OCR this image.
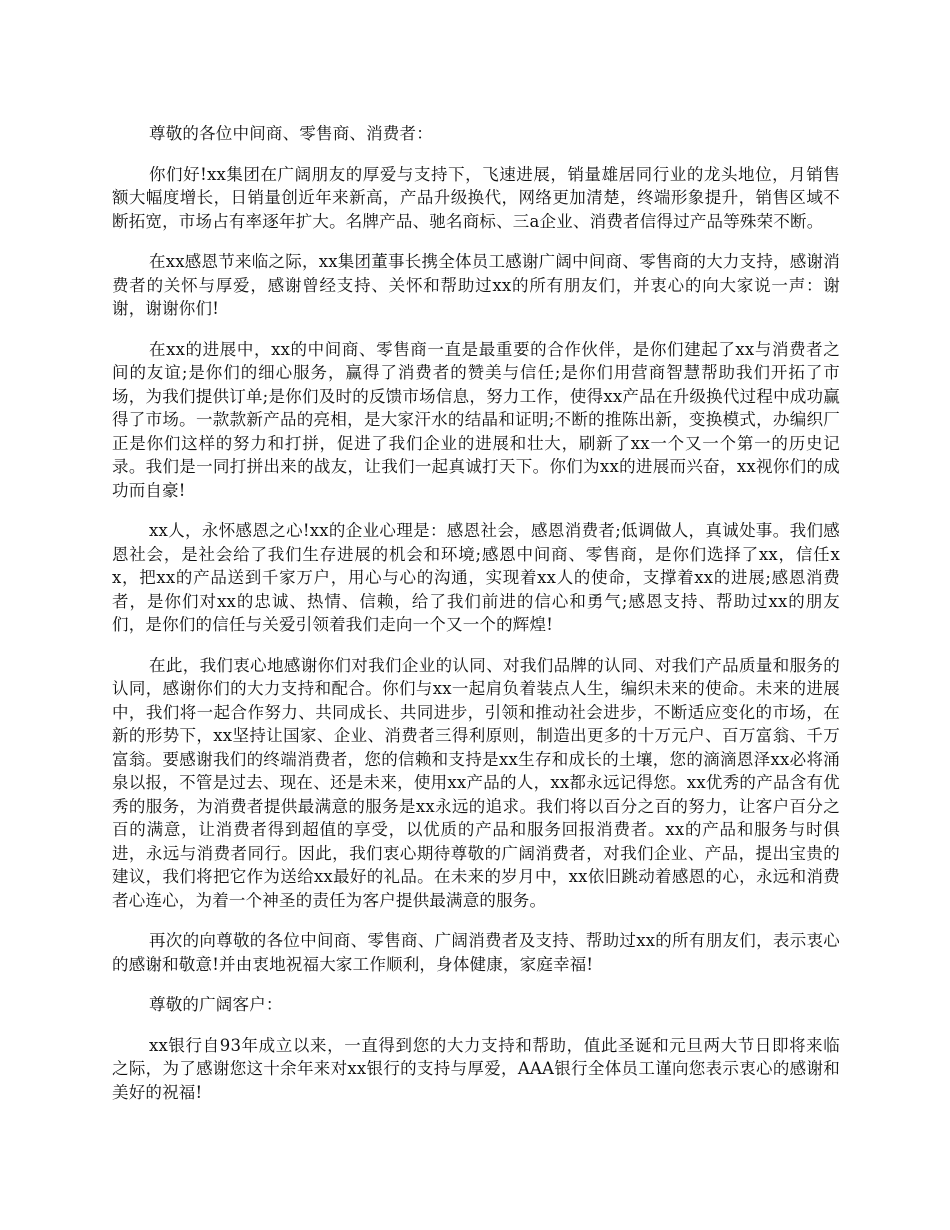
尊敬的各位中间商、零售商、消费者：

你们好!xx集团在广阔朋友的厚爱与支持下，飞速进展，销量雄居同行业的龙头地位，月销售额大幅度增长，日销量创近年来新高，产品升级换代，网络更加清楚，终端形象提升，销售区域不断拓宽，市场占有率逐年扩大。名牌产品、驰名商标、三a企业、消费者信得过产品等殊荣不断。

在xx感恩节来临之际，xx集团董事长携全体员工感谢广阔中间商、零售商的大力支持，感谢消费者的关怀与厚爱，感谢曾经支持、关怀和帮助过xx的所有朋友们，并衷心的向大家说一声：谢谢，谢谢你们!

在xx的进展中，xx的中间商、零售商一直是最重要的合作伙伴，是你们建起了xx与消费者之间的友谊;是你们的细心服务，赢得了消费者的赞美与信任;是你们用营商智慧帮助我们开拓了市场，为我们提供订单;是你们及时的反馈市场信息，努力工作，使得xx产品在升级换代过程中成功赢得了市场。一款款新产品的亮相，是大家汗水的结晶和证明;不断的推陈出新，变换模式，办编织厂正是你们这样的努力和打拼，促进了我们企业的进展和壮大，刷新了xx一个又一个第一的历史记录。我们是一同打拼出来的战友，让我们一起真诚打天下。你们为xx的进展而兴奋，xx视你们的成功而自豪!

xx人，永怀感恩之心!xx的企业心理是：感恩社会，感恩消费者;低调做人，真诚处事。我们感恩社会，是社会给了我们生存进展的机会和环境;感恩中间商、零售商，是你们选择了xx，信任xx，把xx的产品送到千家万户，用心与心的沟通，实现着xx人的使命，支撑着xx的进展;感恩消费者，是你们对xx的忠诚、热情、信赖，给了我们前进的信心和勇气;感恩支持、帮助过xx的朋友们，是你们的信任与关爱引领着我们走向一个又一个的辉煌!

在此，我们衷心地感谢你们对我们企业的认同、对我们品牌的认同、对我们产品质量和服务的认同，感谢你们的大力支持和配合。你们与xx一起肩负着装点人生，编织未来的使命。未来的进展中，我们将一起合作努力、共同成长、共同进步，引领和推动社会进步，不断适应变化的市场，在新的形势下，xx坚持让国家、企业、消费者三得利原则，制造出更多的十万元户、百万富翁、千万富翁。要感谢我们的终端消费者，您的信赖和支持是xx生存和成长的土壤，您的滴滴恩泽xx必将涌泉以报，不管是过去、现在、还是未来，使用xx产品的人，xx都永远记得您。xx优秀的产品含有优秀的服务，为消费者提供最满意的服务是xx永远的追求。我们将以百分之百的努力，让客户百分之百的满意，让消费者得到超值的享受，以优质的产品和服务回报消费者。xx的产品和服务与时俱进，永远与消费者同行。因此，我们衷心期待尊敬的广阔消费者，对我们企业、产品，提出宝贵的建议，我们将把它作为送给xx最好的礼品。在未来的岁月中，xx依旧跳动着感恩的心，永远和消费者心连心，为着一个神圣的责任为客户提供最满意的服务。

再次的向尊敬的各位中间商、零售商、广阔消费者及支持、帮助过xx的所有朋友们，表示衷心的感谢和敬意!并由衷地祝福大家工作顺利，身体健康，家庭幸福!

尊敬的广阔客户：

xx银行自93年成立以来，一直得到您的大力支持和帮助，值此圣诞和元旦两大节日即将来临之际，为了感谢您这十余年来对xx银行的支持与厚爱，AAA银行全体员工谨向您表示衷心的感谢和美好的祝福!
